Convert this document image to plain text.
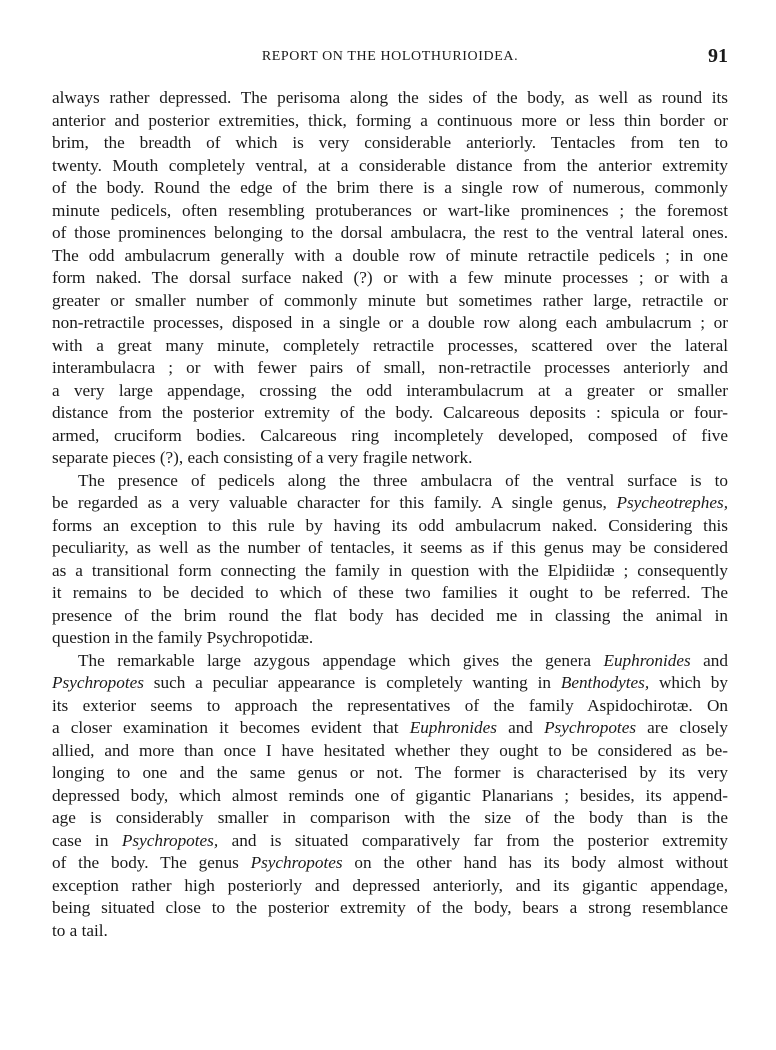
REPORT ON THE HOLOTHURIOIDEA.	91

always rather depressed. The perisoma along the sides of the body, as well as round its
anterior and posterior extremities, thick, forming a continuous more or less thin border or
brim, the breadth of which is very considerable anteriorly. Tentacles from ten to
twenty. Mouth completely ventral, at a considerable distance from the anterior extremity
of the body. Round the edge of the brim there is a single row of numerous, commonly
minute pedicels, often resembling protuberances or wart-like prominences ; the foremost
of those prominences belonging to the dorsal ambulacra, the rest to the ventral lateral ones.
The odd ambulacrum generally with a double row of minute retractile pedicels ; in one
form naked. The dorsal surface naked (?) or with a few minute processes ; or with a
greater or smaller number of commonly minute but sometimes rather large, retractile or
non-retractile processes, disposed in a single or a double row along each ambulacrum ; or
with a great many minute, completely retractile processes, scattered over the lateral
interambulacra ; or with fewer pairs of small, non-retractile processes anteriorly and
a very large appendage, crossing the odd interambulacrum at a greater or smaller
distance from the posterior extremity of the body. Calcareous deposits : spicula or four-
armed, cruciform bodies. Calcareous ring incompletely developed, composed of five
separate pieces (?), each consisting of a very fragile network.

The presence of pedicels along the three ambulacra of the ventral surface is to
be regarded as a very valuable character for this family. A single genus, Psycheotrephes,
forms an exception to this rule by having its odd ambulacrum naked. Considering this
peculiarity, as well as the number of tentacles, it seems as if this genus may be considered
as a transitional form connecting the family in question with the Elpidiidæ ; consequently
it remains to be decided to which of these two families it ought to be referred. The
presence of the brim round the flat body has decided me in classing the animal in
question in the family Psychropotidæ.

The remarkable large azygous appendage which gives the genera Euphronides and
Psychropotes such a peculiar appearance is completely wanting in Benthodytes, which by
its exterior seems to approach the representatives of the family Aspidochirotæ. On
a closer examination it becomes evident that Euphronides and Psychropotes are closely
allied, and more than once I have hesitated whether they ought to be considered as be-
longing to one and the same genus or not. The former is characterised by its very
depressed body, which almost reminds one of gigantic Planarians ; besides, its append-
age is considerably smaller in comparison with the size of the body than is the
case in Psychropotes, and is situated comparatively far from the posterior extremity
of the body. The genus Psychropotes on the other hand has its body almost without
exception rather high posteriorly and depressed anteriorly, and its gigantic appendage,
being situated close to the posterior extremity of the body, bears a strong resemblance
to a tail.
